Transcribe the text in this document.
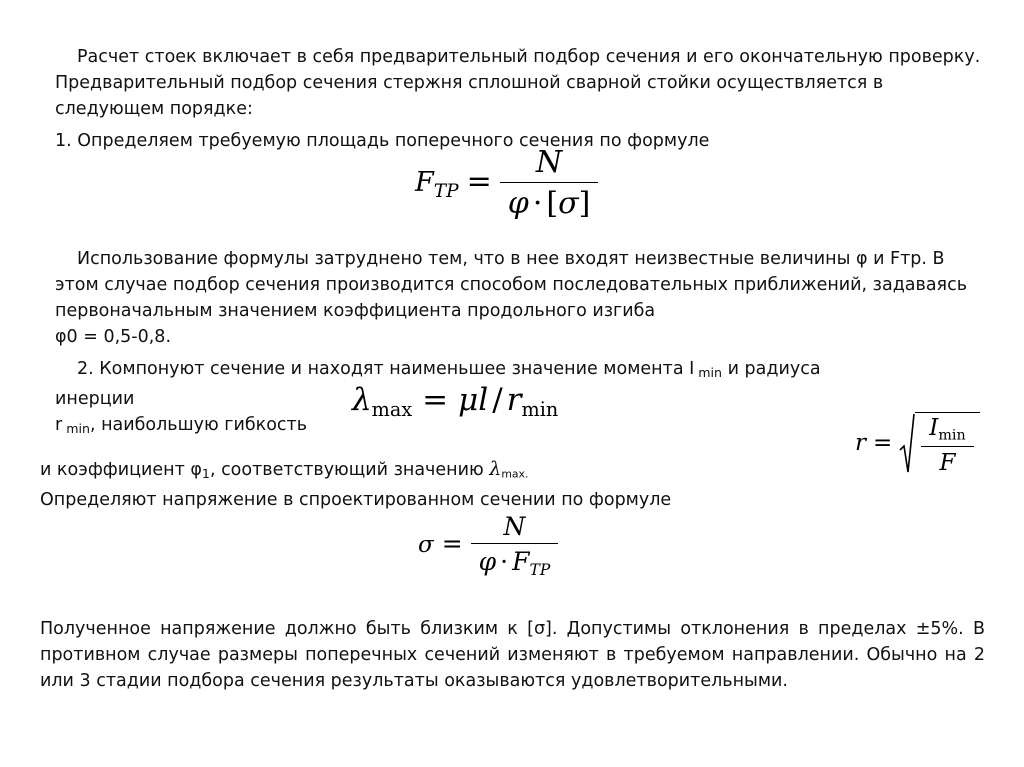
Расчет стоек включает в себя предварительный подбор сечения и его окончательную проверку. Предварительный подбор сечения стержня сплошной сварной стойки осуществляется в следующем порядке:

1. Определяем требуемую площадь поперечного сечения по формуле

FTP = $\frac{N}{\varphi \cdot [\sigma]}$

Использование формулы затруднено тем, что в нее входят неизвестные величины φ и Fтр. В этом случае подбор сечения производится способом последовательных приближений, задаваясь первоначальным значением коэффициента продольного изгиба
φ0 = 0,5-0,8.

2. Компонуют сечение и находят наименьшее значение момента I min и радиуса инерции
r min, наибольшую гибкость

$\lambda_{max} = \mu l / r_{min}$
$r = \frac{I_{min}}{F}$

и коэффициент φ1, соответствующий значению λmax.
Определяют напряжение в спроектированном сечении по формуле

$\sigma = \frac{N}{\text{φ · FTP}}$

Полученное напряжение должно быть близким к [σ]. Допустимы отклонения в пределах ±5%. В противном случае размеры поперечных сечений изменяют в требуемом направлении. Обычно на 2 или 3 стадии подбора сечения результаты оказываются удовлетворительными.
